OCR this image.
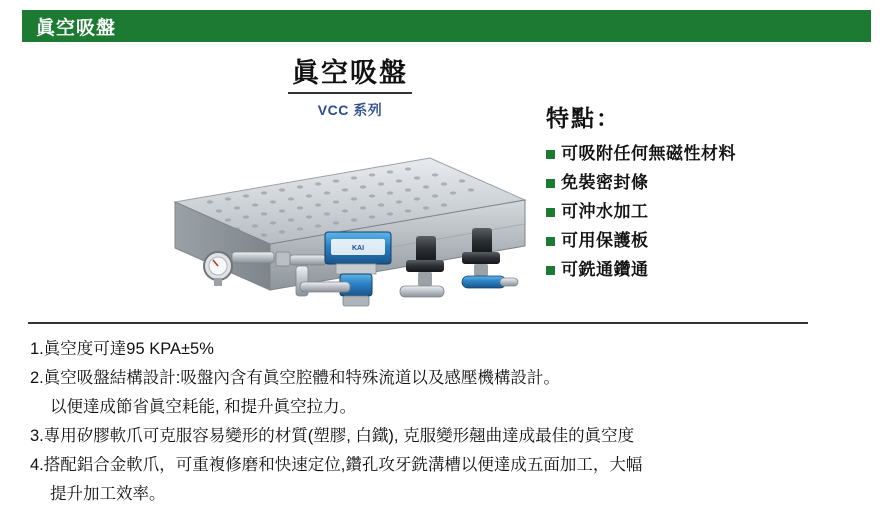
眞空吸盤
眞空吸盤
VCC 系列	特點：
可吸附任何無磁性材料
免裝密封條
可沖水加工
可用保護板
可銑通鑽通
KAI
1. 眞空度可達95 KPA±5%
2. 眞空吸盤結構設計:吸盤內含有眞空腔體和特殊流道以及感壓機構設計。
以便達成節省眞空耗能, 和提升眞空拉力。
3. 專用矽膠軟爪可克服容易變形的材質(塑膠, 白鐵), 克服變形翹曲達成最佳的眞空度
4. 搭配鋁合金軟爪，可重複修磨和快速定位,鑽孔攻牙銑溝槽以便達成五面加工，大幅
提升加工效率。
